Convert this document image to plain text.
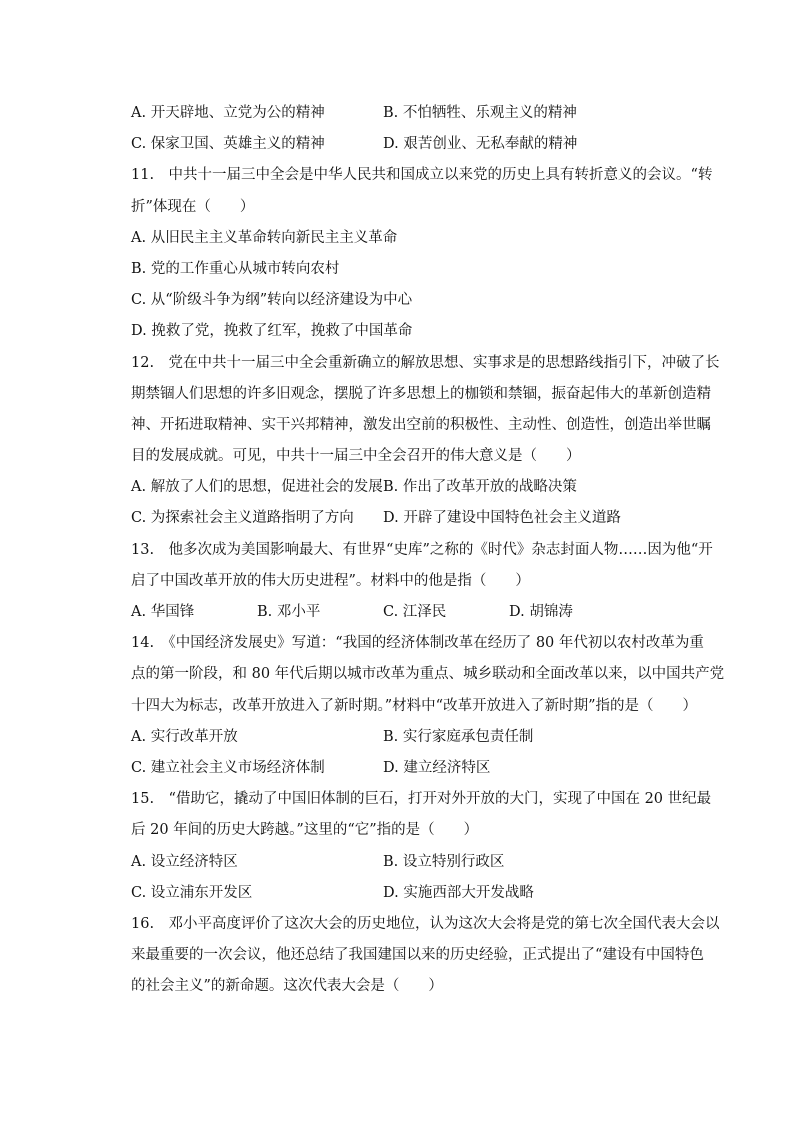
A. 开天辟地、立党为公的精神	B. 不怕牺牲、乐观主义的精神
C. 保家卫国、英雄主义的精神	D. 艰苦创业、无私奉献的精神
11.　中共十一届三中全会是中华人民共和国成立以来党的历史上具有转折意义的会议。“转
折”体现在（　　）
A. 从旧民主主义革命转向新民主主义革命
B. 党的工作重心从城市转向农村
C. 从“阶级斗争为纲”转向以经济建设为中心
D. 挽救了党，挽救了红军，挽救了中国革命
12.　党在中共十一届三中全会重新确立的解放思想、实事求是的思想路线指引下，冲破了长
期禁锢人们思想的许多旧观念，摆脱了许多思想上的枷锁和禁锢，振奋起伟大的革新创造精
神、开拓进取精神、实干兴邦精神，激发出空前的积极性、主动性、创造性，创造出举世瞩
目的发展成就。可见，中共十一届三中全会召开的伟大意义是（　　）
A. 解放了人们的思想，促进社会的发展 B. 作出了改革开放的战略决策
C. 为探索社会主义道路指明了方向	D. 开辟了建设中国特色社会主义道路
13.　他多次成为美国影响最大、有世界“史库”之称的《时代》杂志封面人物……因为他“开
启了中国改革开放的伟大历史进程”。材料中的他是指（　　）
A. 华国锋	B. 邓小平	C. 江泽民	D. 胡锦涛
14.　《中国经济发展史》写道：“我国的经济体制改革在经历了 80 年代初以农村改革为重
点的第一阶段，和 80 年代后期以城市改革为重点、城乡联动和全面改革以来，以中国共产党
十四大为标志，改革开放进入了新时期。”材料中“改革开放进入了新时期”指的是（　　）
A. 实行改革开放	B. 实行家庭承包责任制
C. 建立社会主义市场经济体制	D. 建立经济特区
15.　“借助它，撬动了中国旧体制的巨石，打开对外开放的大门，实现了中国在 20 世纪最
后 20 年间的历史大跨越。”这里的“它”指的是（　　）
A. 设立经济特区	B. 设立特别行政区
C. 设立浦东开发区	D. 实施西部大开发战略
16.　邓小平高度评价了这次大会的历史地位，认为这次大会将是党的第七次全国代表大会以
来最重要的一次会议，他还总结了我国建国以来的历史经验，正式提出了“建设有中国特色
的社会主义”的新命题。这次代表大会是（　　）
